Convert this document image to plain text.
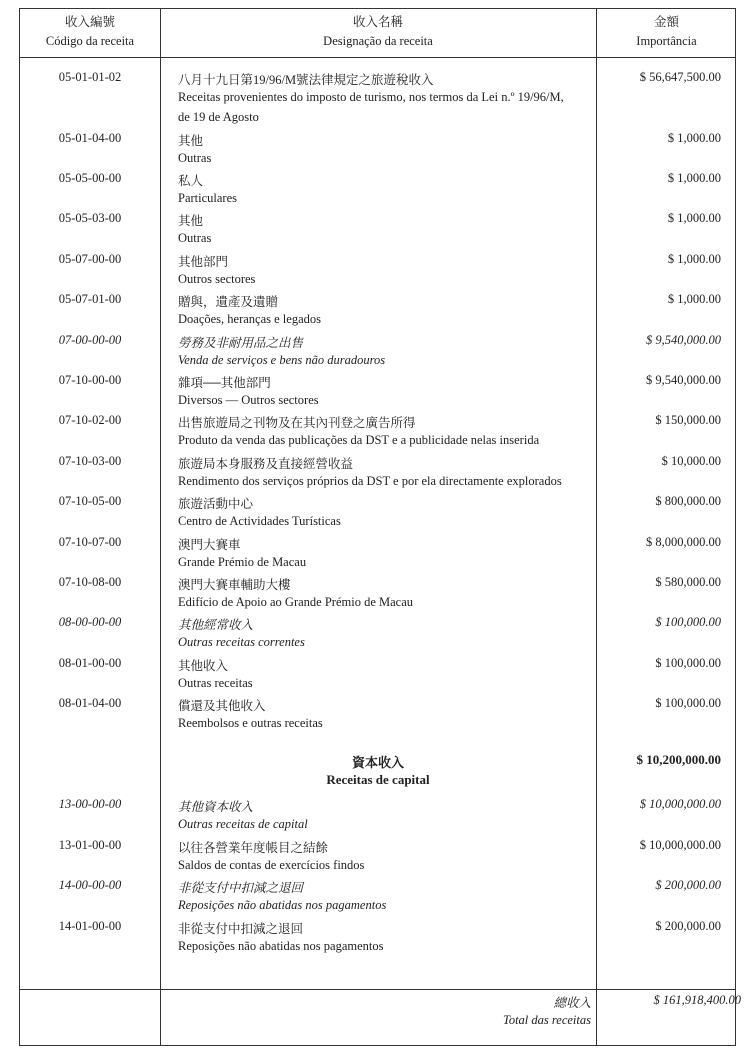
收入編號
Código da receita
收入名稱
Designação da receita
金額
Importância
05-01-01-02	八月十九日第19/96/M號法律規定之旅遊稅收入
Receitas provenientes do imposto de turismo, nos termos da Lei n.º 19/96/M,
de 19 de Agosto
$ 56,647,500.00
05-01-04-00	其他
Outras
$ 1,000.00
05-05-00-00	私人
Particulares
$ 1,000.00
05-05-03-00	其他
Outras
$ 1,000.00
05-07-00-00	其他部門
Outros sectores
$ 1,000.00
05-07-01-00	贈與，遺產及遺贈
Doações, heranças e legados
$ 1,000.00
07-00-00-00	勞務及非耐用品之出售
Venda de serviços e bens não duradouros
$ 9,540,000.00
07-10-00-00	雜項──其他部門
Diversos — Outros sectores
$ 9,540,000.00
07-10-02-00	出售旅遊局之刊物及在其內刊登之廣告所得
Produto da venda das publicações da DST e a publicidade nelas inserida
$ 150,000.00
07-10-03-00	旅遊局本身服務及直接經營收益
Rendimento dos serviços próprios da DST e por ela directamente explorados
$ 10,000.00
07-10-05-00	旅遊活動中心
Centro de Actividades Turísticas
$ 800,000.00
07-10-07-00	澳門大賽車
Grande Prémio de Macau
$ 8,000,000.00
07-10-08-00	澳門大賽車輔助大樓
Edifício de Apoio ao Grande Prémio de Macau
$ 580,000.00
08-00-00-00	其他經常收入
Outras receitas correntes
$ 100,000.00
08-01-00-00	其他收入
Outras receitas
$ 100,000.00
08-01-04-00	償還及其他收入
Reembolsos e outras receitas
$ 100,000.00
資本收入
Receitas de capital
$ 10,200,000.00
13-00-00-00	其他資本收入
Outras receitas de capital
$ 10,000,000.00
13-01-00-00	以往各營業年度帳目之結餘
Saldos de contas de exercícios findos
$ 10,000,000.00
14-00-00-00	非從支付中扣減之退回
Reposições não abatidas nos pagamentos
$ 200,000.00
14-01-00-00	非從支付中扣減之退回
Reposições não abatidas nos pagamentos
$ 200,000.00
總收入
Total das receitas
$ 161,918,400.00
